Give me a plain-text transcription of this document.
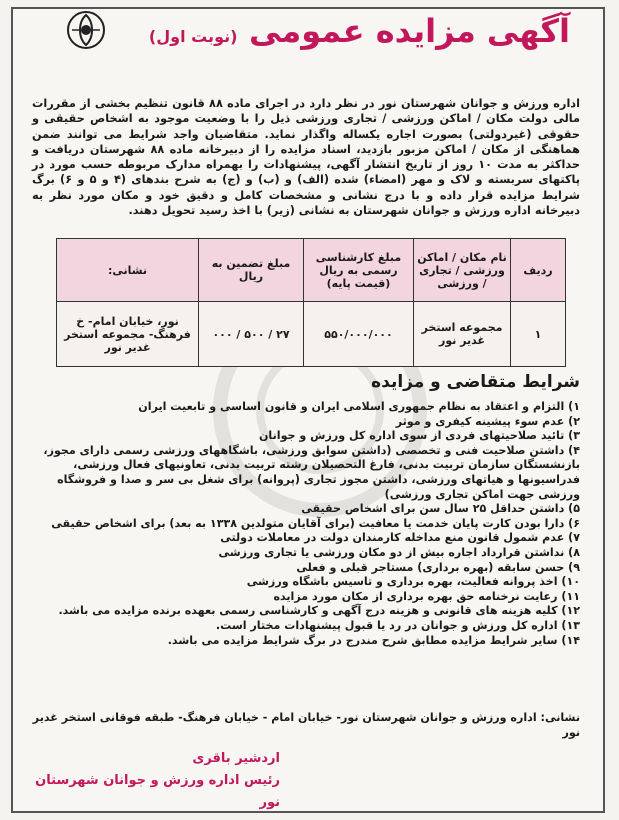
آگهی مزایده عمومی (نوبت اول)
اداره ورزش و جوانان شهرستان نور در نظر دارد در اجرای ماده ۸۸ قانون تنظیم بخشی از مقررات مالی دولت مکان / اماکن ورزشی / تجاری ورزشی ذیل را با وضعیت موجود به اشخاص حقیقی و حقوقی (غیردولتی) بصورت اجاره یکساله واگذار نماید. متقاضیان واجد شرایط می توانند ضمن هماهنگی از مکان / اماکن مزبور بازدید، اسناد مزایده را از دبیرخانه ماده ۸۸ شهرستان دریافت و حداکثر به مدت ۱۰ روز از تاریخ انتشار آگهی، پیشنهادات را بهمراه مدارک مربوطه حسب مورد در پاکتهای سربسته و لاک و مهر (امضاء) شده (الف) و (ب) و (ج) به شرح بندهای (۴ و ۵ و ۶) برگ شرایط مزایده قرار داده و با درج نشانی و مشخصات کامل و دقیق خود و مکان مورد نظر به دبیرخانه اداره ورزش و جوانان شهرستان به نشانی (زیر) با اخذ رسید تحویل دهند.
ردیف	نام مکان / اماکن ورزشی / تجاری / ورزشی	مبلغ کارشناسی رسمی به ریال (قیمت پایه)	مبلغ تضمین به ریال	نشانی:
۱	مجموعه استخر غدیر نور	۵۵۰/۰۰۰/۰۰۰	۲۷ / ۵۰۰ / ۰۰۰	نور، خیابان امام- خ فرهنگ- مجموعه استخر غدیر نور
شرایط متقاضی و مزایده
۱) التزام و اعتقاد به نظام جمهوری اسلامی ایران و قانون اساسی و تابعیت ایران
۲) عدم سوء پیشینه کیفری و موثر
۳) تائید صلاحیتهای فردی از سوی اداره کل ورزش و جوانان
۴) داشتن صلاحیت فنی و تخصصی (داشتن سوابق ورزشی، باشگاههای ورزشی رسمی دارای مجوز، بازنشستگان سازمان تربیت بدنی، فارغ التحصیلان رشته تربیت بدنی، تعاونیهای فعال ورزشی، فدراسیونها و هیاتهای ورزشی، داشتن مجوز تجاری (پروانه) برای شغل بی سر و صدا و فروشگاه ورزشی جهت اماکن تجاری ورزشی)
۵) داشتن حداقل ۲۵ سال سن برای اشخاص حقیقی
۶) دارا بودن کارت پایان خدمت یا معافیت (برای آقایان متولدین ۱۳۳۸ به بعد) برای اشخاص حقیقی
۷) عدم شمول قانون منع مداخله کارمندان دولت در معاملات دولتی
۸) نداشتن قرارداد اجاره بیش از دو مکان ورزشی یا تجاری ورزشی
۹) حسن سابقه (بهره برداری) مستاجر قبلی و فعلی
۱۰) اخذ پروانه فعالیت، بهره برداری و تاسیس باشگاه ورزشی
۱۱) رعایت نرخنامه حق بهره برداری از مکان مورد مزایده
۱۲) کلیه هزینه های قانونی و هزینه درج آگهی و کارشناسی رسمی بعهده برنده مزایده می باشد.
۱۳) اداره کل ورزش و جوانان در رد یا قبول پیشنهادات مختار است.
۱۴) سایر شرایط مزایده مطابق شرح مندرج در برگ شرایط مزایده می باشد.
نشانی: اداره ورزش و جوانان شهرستان نور- خیابان امام - خیابان فرهنگ- طبقه فوقانی استخر غدیر نور
اردشیر باقری
رئیس اداره ورزش و جوانان شهرستان نور
